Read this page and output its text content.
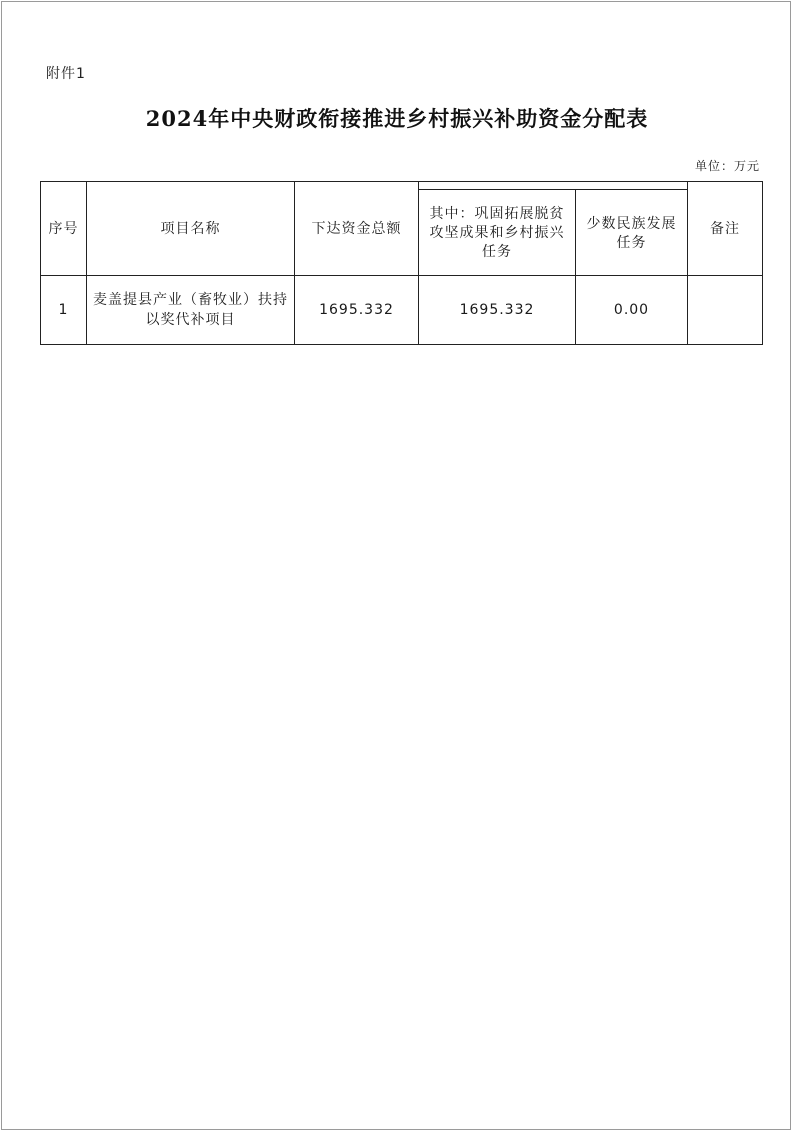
附件1
2024年中央财政衔接推进乡村振兴补助资金分配表
单位：万元
序号	项目名称	下达资金总额			备注
			其中：巩固拓展脱贫攻坚成果和乡村振兴任务	少数民族发展任务	
1	麦盖提县产业（畜牧业）扶持以奖代补项目	1695.332	1695.332	0.00	
